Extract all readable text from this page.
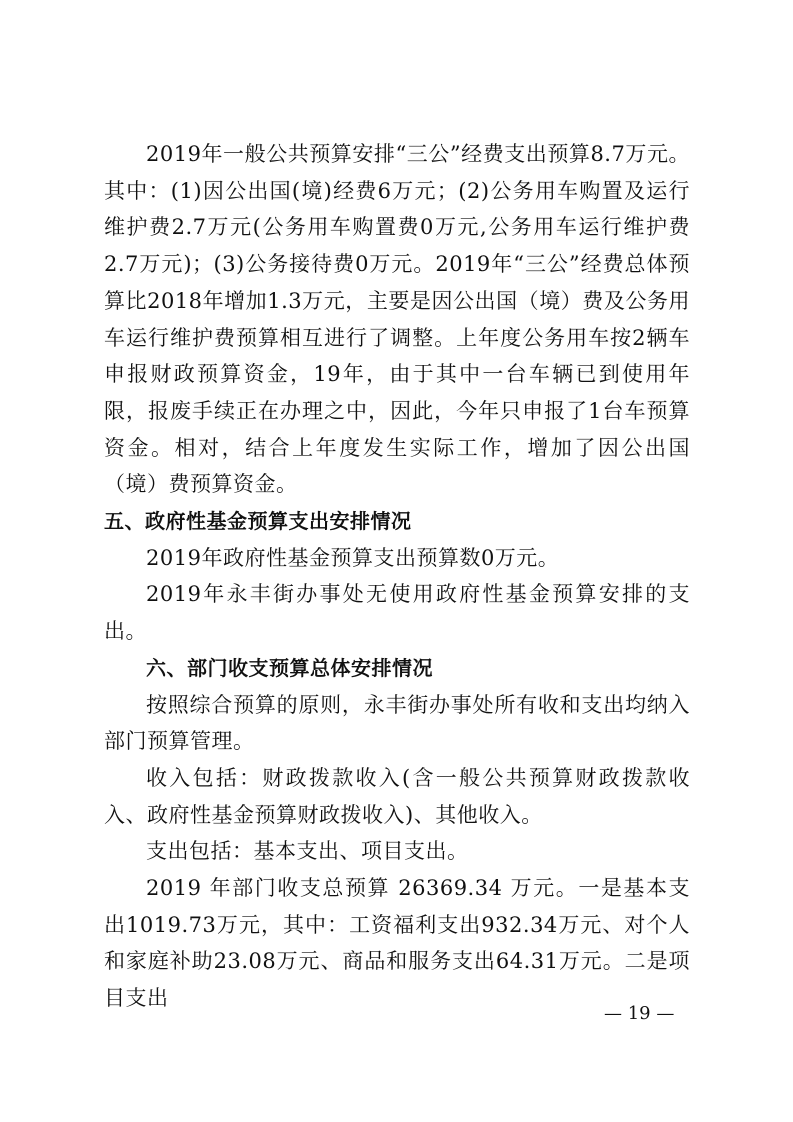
2019年一般公共预算安排“三公”经费支出预算8.7万元。其中：(1)因公出国(境)经费6万元；(2)公务用车购置及运行维护费2.7万元(公务用车购置费0万元,公务用车运行维护费2.7万元)；(3)公务接待费0万元。2019年“三公”经费总体预算比2018年增加1.3万元，主要是因公出国（境）费及公务用车运行维护费预算相互进行了调整。上年度公务用车按2辆车申报财政预算资金，19年，由于其中一台车辆已到使用年限，报废手续正在办理之中，因此，今年只申报了1台车预算资金。相对，结合上年度发生实际工作，增加了因公出国（境）费预算资金。

五、政府性基金预算支出安排情况

2019年政府性基金预算支出预算数0万元。

2019年永丰街办事处无使用政府性基金预算安排的支出。

六、部门收支预算总体安排情况

按照综合预算的原则，永丰街办事处所有收和支出均纳入部门预算管理。

收入包括：财政拨款收入(含一般公共预算财政拨款收入、政府性基金预算财政拨收入)、其他收入。

支出包括：基本支出、项目支出。

2019 年部门收支总预算 26369.34 万元。一是基本支出1019.73万元，其中：工资福利支出932.34万元、对个人和家庭补助23.08万元、商品和服务支出64.31万元。二是项目支出

— 19 —
